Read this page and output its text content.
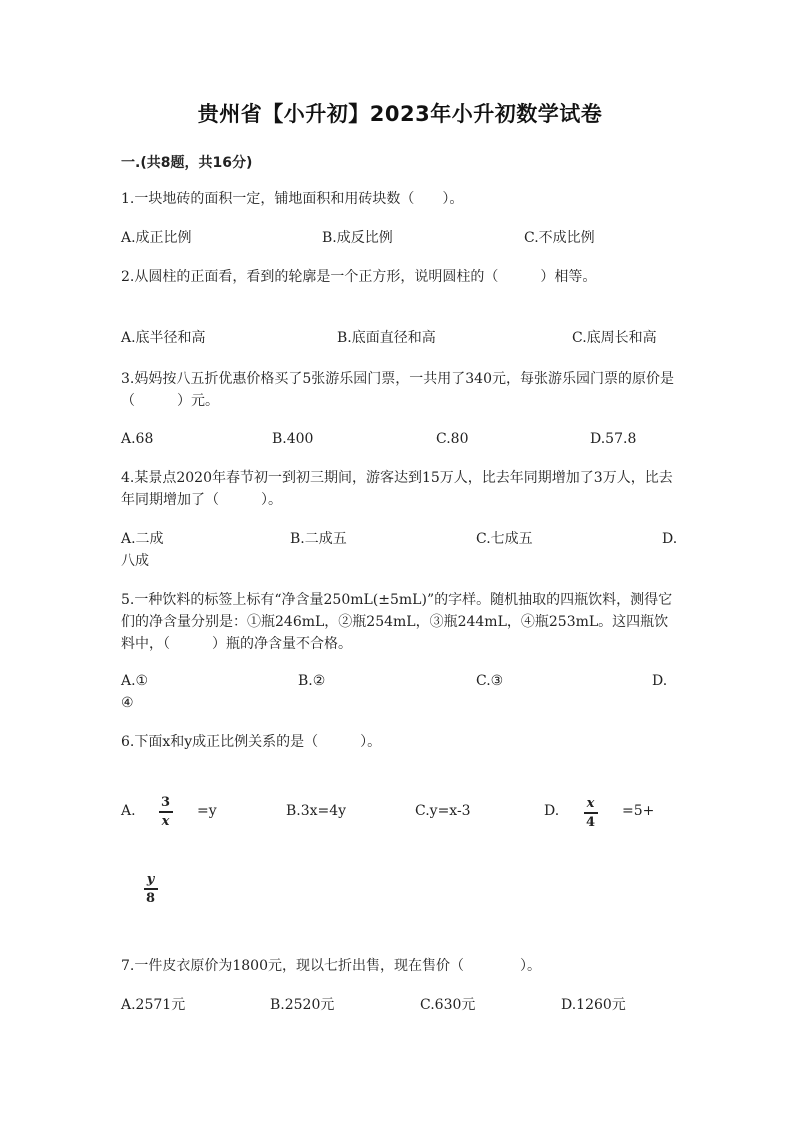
贵州省【小升初】2023年小升初数学试卷
一.(共8题，共16分)
1.一块地砖的面积一定，铺地面积和用砖块数（　　）。
A.成正比例	B.成反比例	C.不成比例
2.从圆柱的正面看，看到的轮廓是一个正方形，说明圆柱的（　　　）相等。
A.底半径和高	B.底面直径和高	C.底周长和高
3.妈妈按八五折优惠价格买了5张游乐园门票，一共用了340元，每张游乐园门票的原价是（　　　）元。
A.68	B.400	C.80	D.57.8
4.某景点2020年春节初一到初三期间，游客达到15万人，比去年同期增加了3万人，比去年同期增加了（　　　）。
A.二成	B.二成五	C.七成五	D.
八成
5.一种饮料的标签上标有“净含量250mL(±5mL)”的字样。随机抽取的四瓶饮料，测得它们的净含量分别是：①瓶246mL，②瓶254mL，③瓶244mL，④瓶253mL。这四瓶饮料中，（　　　）瓶的净含量不合格。
A.①	B.②	C.③	D.
④
6.下面x和y成正比例关系的是（　　　）。
A.
3
x
=y	B.3x=4y	C.y=x-3	D. x
4
=5+
y
8
7.一件皮衣原价为1800元，现以七折出售，现在售价（　　　　）。
A.2571元	B.2520元	C.630元	D.1260元
